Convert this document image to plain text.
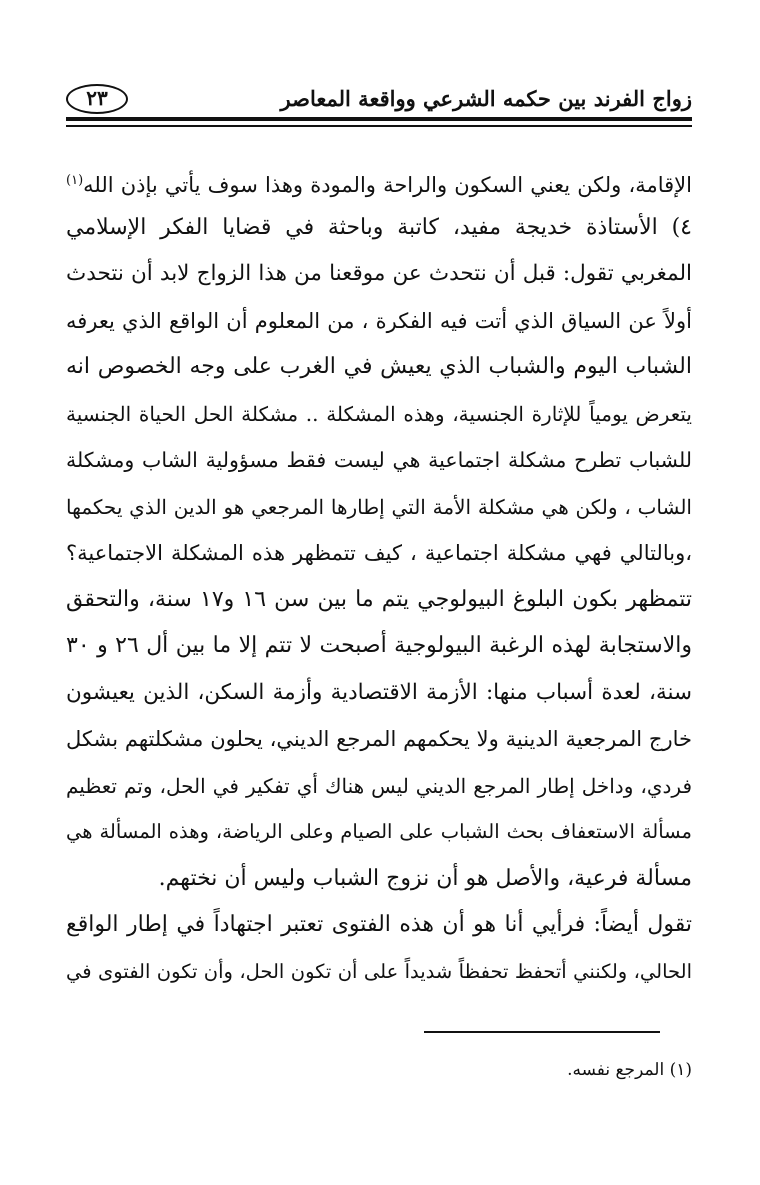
زواج الفرند بين حكمه الشرعي وواقعة المعاصر
٢٣
الإقامة، ولكن يعني السكون والراحة والمودة وهذا سوف يأتي بإذن الله$^{(١)}$
٤) الأستاذة خديجة مفيد، كاتبة وباحثة في قضايا الفكر الإسلامي
المغربي تقول: قبل أن نتحدث عن موقعنا من هذا الزواج لابد أن نتحدث
أولاً عن السياق الذي أتت فيه الفكرة ، من المعلوم أن الواقع الذي يعرفه
الشباب اليوم والشباب الذي يعيش في الغرب على وجه الخصوص انه
يتعرض يومياً للإثارة الجنسية، وهذه المشكلة .. مشكلة الحل الحياة الجنسية
للشباب تطرح مشكلة اجتماعية هي ليست فقط مسؤولية الشاب ومشكلة
الشاب ، ولكن هي مشكلة الأمة التي إطارها المرجعي هو الدين الذي يحكمها
،وبالتالي فهي مشكلة اجتماعية ، كيف تتمظهر هذه المشكلة الاجتماعية؟
تتمظهر بكون البلوغ البيولوجي يتم ما بين سن ١٦ و١٧ سنة، والتحقق
والاستجابة لهذه الرغبة البيولوجية أصبحت لا تتم إلا ما بين أل ٢٦ و ٣٠
سنة، لعدة أسباب منها: الأزمة الاقتصادية وأزمة السكن، الذين يعيشون
خارج المرجعية الدينية ولا يحكمهم المرجع الديني، يحلون مشكلتهم بشكل
فردي، وداخل إطار المرجع الديني ليس هناك أي تفكير في الحل، وتم تعظيم
مسألة الاستعفاف بحث الشباب على الصيام وعلى الرياضة، وهذه المسألة هي
مسألة فرعية، والأصل هو أن نزوج الشباب وليس أن نختهم.
تقول أيضاً: فرأيي أنا هو أن هذه الفتوى تعتبر اجتهاداً في إطار الواقع
الحالي، ولكنني أتحفظ تحفظاً شديداً على أن تكون الحل، وأن تكون الفتوى في
(١) المرجع نفسه.
